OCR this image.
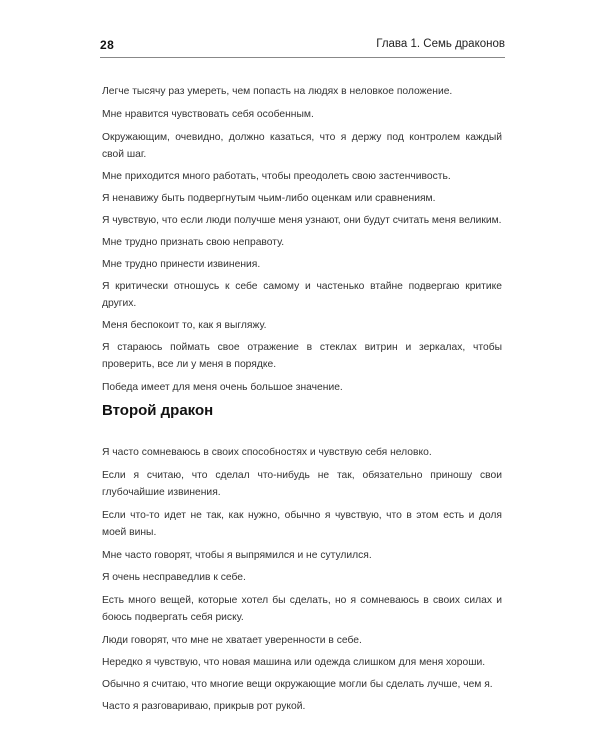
28	Глава 1. Семь драконов

Легче тысячу раз умереть, чем попасть на людях в неловкое положение.

Мне нравится чувствовать себя особенным.

Окружающим, очевидно, должно казаться, что я держу под контролем каждый свой шаг.

Мне приходится много работать, чтобы преодолеть свою застенчивость.

Я ненавижу быть подвергнутым чьим-либо оценкам или сравнениям.

Я чувствую, что если люди получше меня узнают, они будут считать меня великим.

Мне трудно признать свою неправоту.

Мне трудно принести извинения.

Я критически отношусь к себе самому и частенько втайне подвергаю критике других.

Меня беспокоит то, как я выгляжу.

Я стараюсь поймать свое отражение в стеклах витрин и зеркалах, чтобы проверить, все ли у меня в порядке.

Победа имеет для меня очень большое значение.

Второй дракон

Я часто сомневаюсь в своих способностях и чувствую себя неловко.

Если я считаю, что сделал что-нибудь не так, обязательно приношу свои глубочайшие извинения.

Если что-то идет не так, как нужно, обычно я чувствую, что в этом есть и доля моей вины.

Мне часто говорят, чтобы я выпрямился и не сутулился.

Я очень несправедлив к себе.

Есть много вещей, которые хотел бы сделать, но я сомневаюсь в своих силах и боюсь подвергать себя риску.

Люди говорят, что мне не хватает уверенности в себе.

Нередко я чувствую, что новая машина или одежда слишком для меня хороши.

Обычно я считаю, что многие вещи окружающие могли бы сделать лучше, чем я.

Часто я разговариваю, прикрыв рот рукой.
